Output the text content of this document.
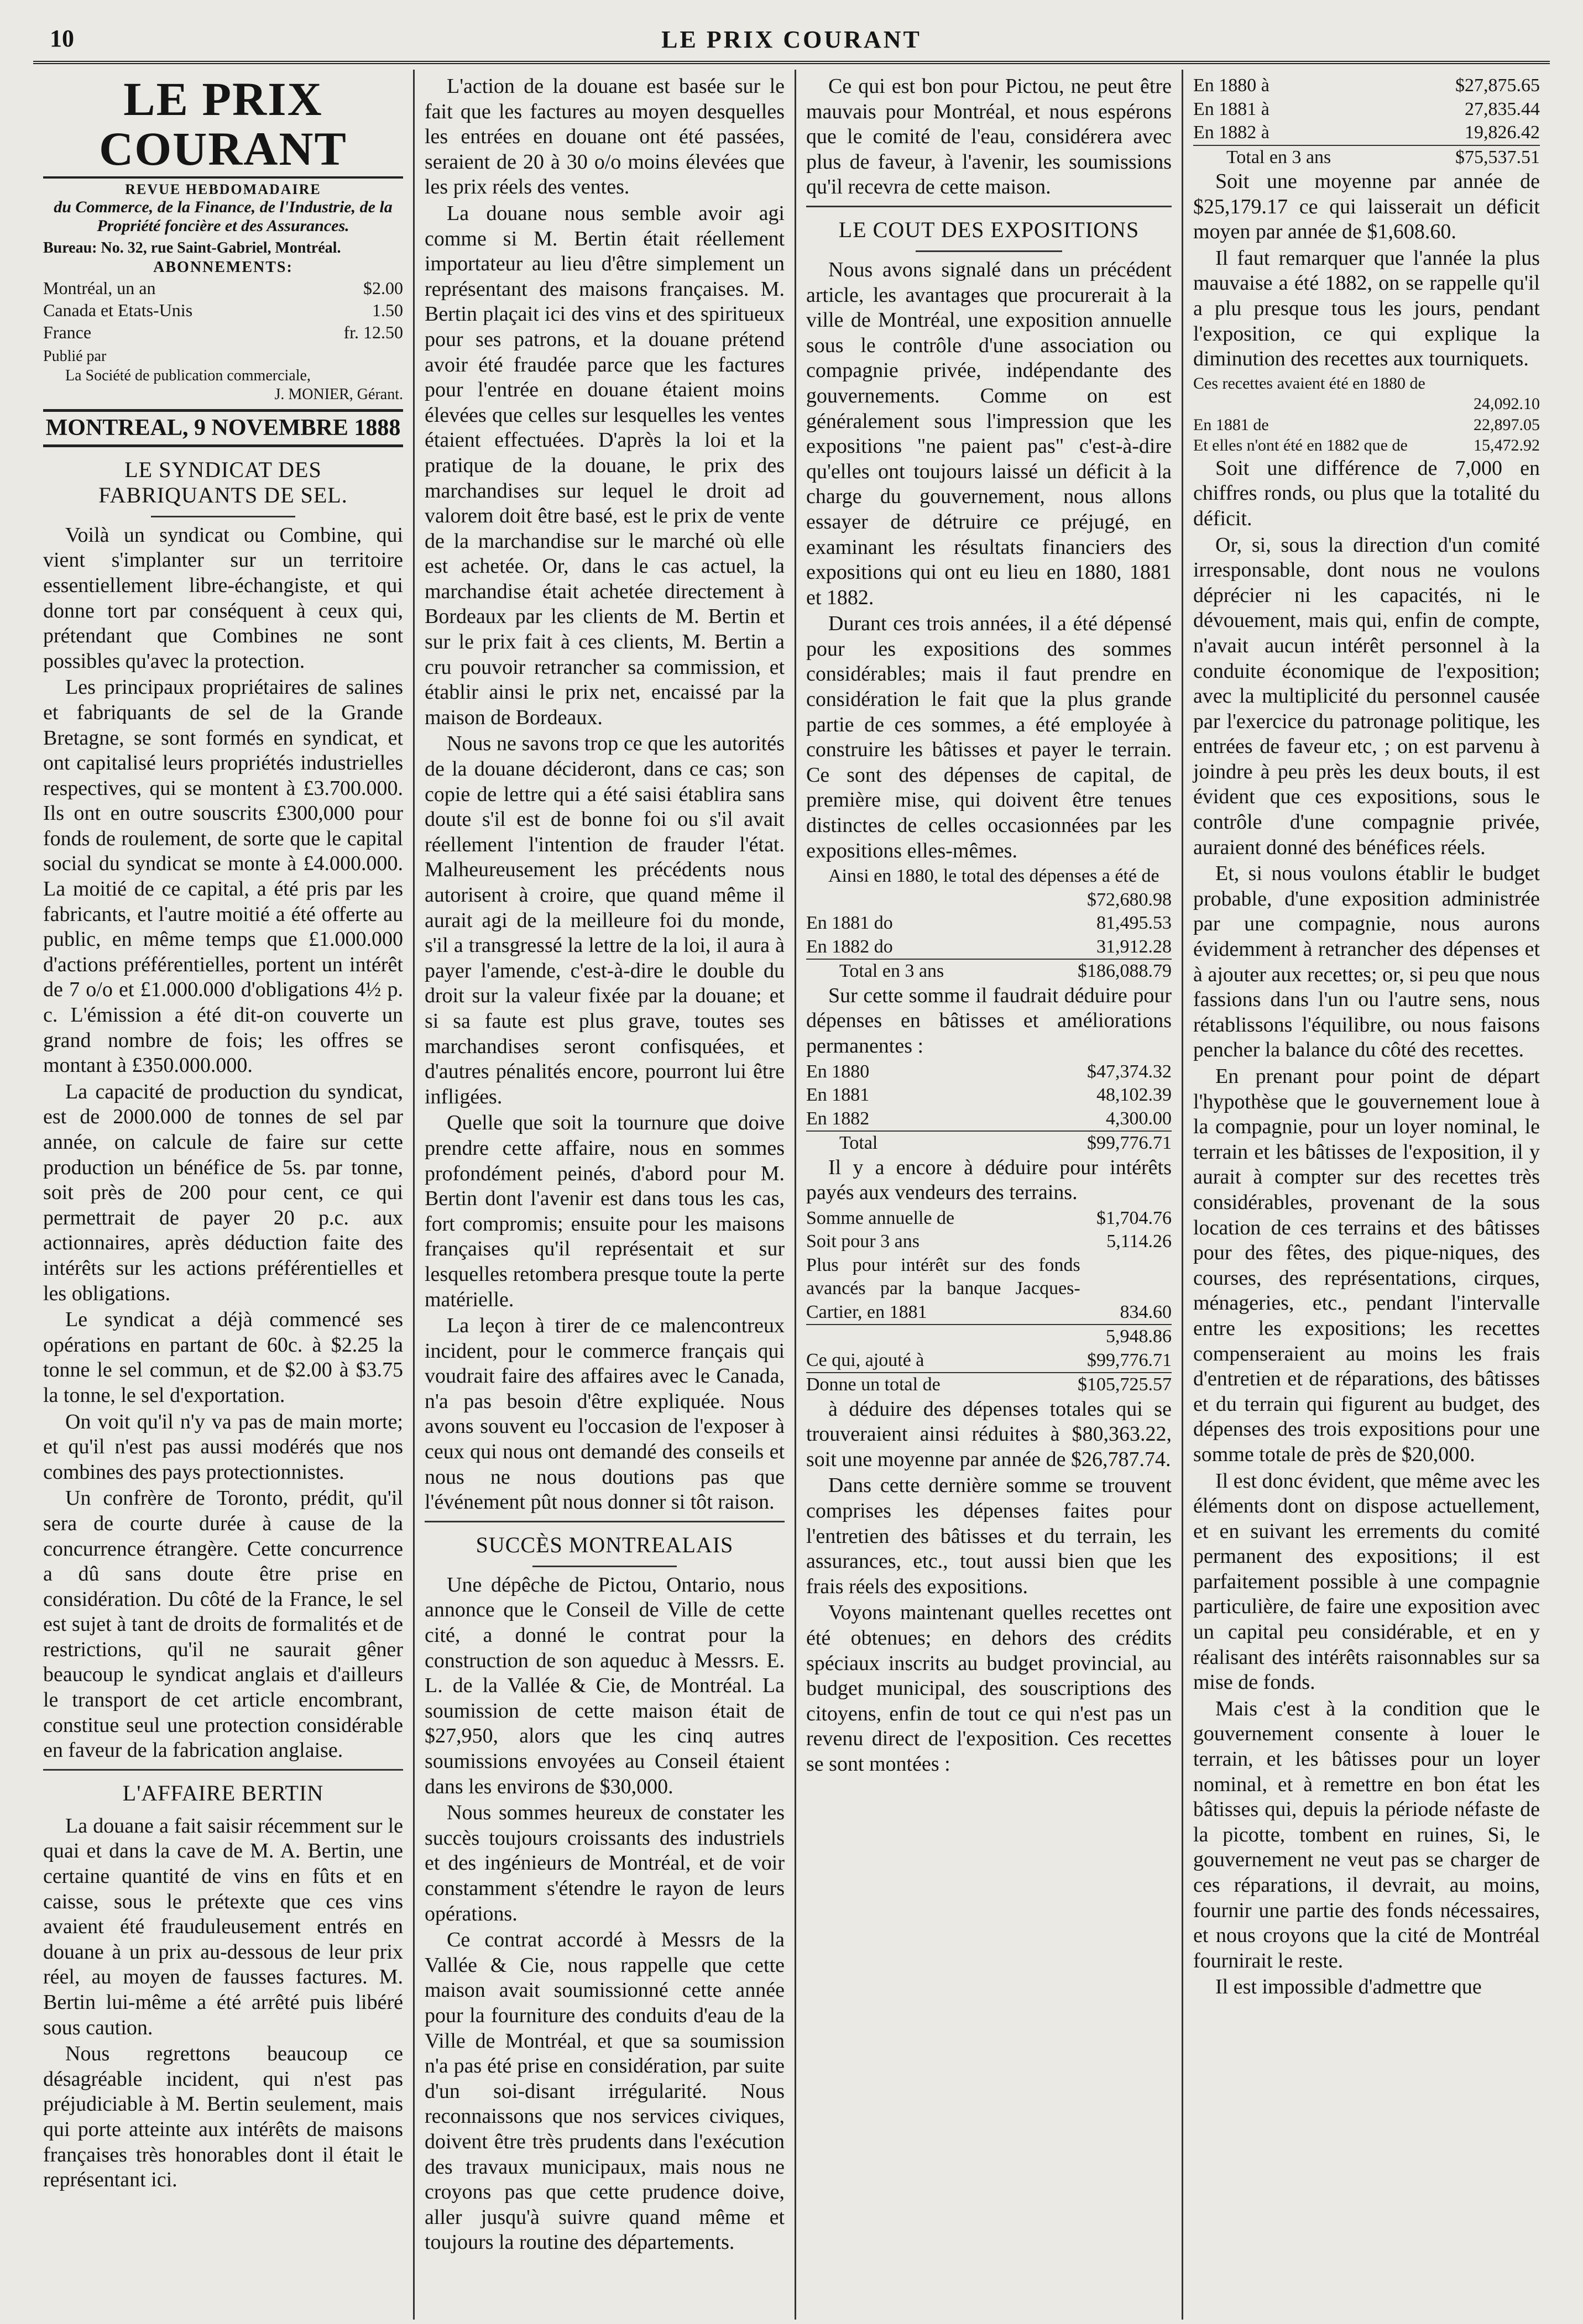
10	LE PRIX COURANT
LE PRIX COURANT
REVUE HEBDOMADAIRE
du Commerce, de la Finance, de l'Industrie, de la Propriété foncière et des Assurances.
Bureau: No. 32, rue Saint-Gabriel, Montréal.
ABONNEMENTS:
Montréal, un an	$2.00
Canada et Etats-Unis	1.50
France	fr. 12.50
Publié par
La Société de publication commerciale,
J. MONIER, Gérant.
MONTREAL, 9 NOVEMBRE 1888
LE SYNDICAT DES FABRIQUANTS DE SEL.

Voilà un syndicat ou Combine, qui vient s'implanter sur un territoire essentiellement libre-échangiste, et qui donne tort par conséquent à ceux qui, prétendant que Combines ne sont possibles qu'avec la protection.

Les principaux propriétaires de salines et fabriquants de sel de la Grande Bretagne, se sont formés en syndicat, et ont capitalisé leurs propriétés industrielles respectives, qui se montent à £3.700.000. Ils ont en outre souscrits £300,000 pour fonds de roulement, de sorte que le capital social du syndicat se monte à £4.000.000. La moitié de ce capital, a été pris par les fabricants, et l'autre moitié a été offerte au public, en même temps que £1.000.000 d'actions préférentielles, portent un intérêt de 7 o/o et £1.000.000 d'obligations 4½ p. c. L'émission a été dit-on couverte un grand nombre de fois; les offres se montant à £350.000.000.

La capacité de production du syndicat, est de 2000.000 de tonnes de sel par année, on calcule de faire sur cette production un bénéfice de 5s. par tonne, soit près de 200 pour cent, ce qui permettrait de payer 20 p.c. aux actionnaires, après déduction faite des intérêts sur les actions préférentielles et les obligations.

Le syndicat a déjà commencé ses opérations en partant de 60c. à $2.25 la tonne le sel commun, et de $2.00 à $3.75 la tonne, le sel d'exportation.

On voit qu'il n'y va pas de main morte; et qu'il n'est pas aussi modérés que nos combines des pays protectionnistes.

Un confrère de Toronto, prédit, qu'il sera de courte durée à cause de la concurrence étrangère. Cette concurrence a dû sans doute être prise en considération. Du côté de la France, le sel est sujet à tant de droits de formalités et de restrictions, qu'il ne saurait gêner beaucoup le syndicat anglais et d'ailleurs le transport de cet article encombrant, constitue seul une protection considérable en faveur de la fabrication anglaise.

L'AFFAIRE BERTIN

La douane a fait saisir récemment sur le quai et dans la cave de M. A. Bertin, une certaine quantité de vins en fûts et en caisse, sous le prétexte que ces vins avaient été frauduleusement entrés en douane à un prix au-dessous de leur prix réel, au moyen de fausses factures. M. Bertin lui-même a été arrêté puis libéré sous caution.

Nous regrettons beaucoup ce désagréable incident, qui n'est pas préjudiciable à M. Bertin seulement, mais qui porte atteinte aux intérêts de maisons françaises très honorables dont il était le représentant ici.

L'action de la douane est basée sur le fait que les factures au moyen desquelles les entrées en douane ont été passées, seraient de 20 à 30 o/o moins élevées que les prix réels des ventes.

La douane nous semble avoir agi comme si M. Bertin était réellement importateur au lieu d'être simplement un représentant des maisons françaises. M. Bertin plaçait ici des vins et des spiritueux pour ses patrons, et la douane prétend avoir été fraudée parce que les factures pour l'entrée en douane étaient moins élevées que celles sur lesquelles les ventes étaient effectuées. D'après la loi et la pratique de la douane, le prix des marchandises sur lequel le droit ad valorem doit être basé, est le prix de vente de la marchandise sur le marché où elle est achetée. Or, dans le cas actuel, la marchandise était achetée directement à Bordeaux par les clients de M. Bertin et sur le prix fait à ces clients, M. Bertin a cru pouvoir retrancher sa commission, et établir ainsi le prix net, encaissé par la maison de Bordeaux.

Nous ne savons trop ce que les autorités de la douane décideront, dans ce cas; son copie de lettre qui a été saisi établira sans doute s'il est de bonne foi ou s'il avait réellement l'intention de frauder l'état. Malheureusement les précédents nous autorisent à croire, que quand même il aurait agi de la meilleure foi du monde, s'il a transgressé la lettre de la loi, il aura à payer l'amende, c'est-à-dire le double du droit sur la valeur fixée par la douane; et si sa faute est plus grave, toutes ses marchandises seront confisquées, et d'autres pénalités encore, pourront lui être infligées.

Quelle que soit la tournure que doive prendre cette affaire, nous en sommes profondément peinés, d'abord pour M. Bertin dont l'avenir est dans tous les cas, fort compromis; ensuite pour les maisons françaises qu'il représentait et sur lesquelles retombera presque toute la perte matérielle.

La leçon à tirer de ce malencontreux incident, pour le commerce français qui voudrait faire des affaires avec le Canada, n'a pas besoin d'être expliquée. Nous avons souvent eu l'occasion de l'exposer à ceux qui nous ont demandé des conseils et nous ne nous doutions pas que l'événement pût nous donner si tôt raison.

SUCCÈS MONTREALAIS

Une dépêche de Pictou, Ontario, nous annonce que le Conseil de Ville de cette cité, a donné le contrat pour la construction de son aqueduc à Messrs. E. L. de la Vallée & Cie, de Montréal. La soumission de cette maison était de $27,950, alors que les cinq autres soumissions envoyées au Conseil étaient dans les environs de $30,000.

Nous sommes heureux de constater les succès toujours croissants des industriels et des ingénieurs de Montréal, et de voir constamment s'étendre le rayon de leurs opérations.

Ce contrat accordé à Messrs de la Vallée & Cie, nous rappelle que cette maison avait soumissionné cette année pour la fourniture des conduits d'eau de la Ville de Montréal, et que sa soumission n'a pas été prise en considération, par suite d'un soi-disant irrégularité. Nous reconnaissons que nos services civiques, doivent être très prudents dans l'exécution des travaux municipaux, mais nous ne croyons pas que cette prudence doive, aller jusqu'à suivre quand même et toujours la routine des départements.

Ce qui est bon pour Pictou, ne peut être mauvais pour Montréal, et nous espérons que le comité de l'eau, considérera avec plus de faveur, à l'avenir, les soumissions qu'il recevra de cette maison.

LE COUT DES EXPOSITIONS

Nous avons signalé dans un précédent article, les avantages que procurerait à la ville de Montréal, une exposition annuelle sous le contrôle d'une association ou compagnie privée, indépendante des gouvernements. Comme on est généralement sous l'impression que les expositions "ne paient pas" c'est-à-dire qu'elles ont toujours laissé un déficit à la charge du gouvernement, nous allons essayer de détruire ce préjugé, en examinant les résultats financiers des expositions qui ont eu lieu en 1880, 1881 et 1882.

Durant ces trois années, il a été dépensé pour les expositions des sommes considérables; mais il faut prendre en considération le fait que la plus grande partie de ces sommes, a été employée à construire les bâtisses et payer le terrain. Ce sont des dépenses de capital, de première mise, qui doivent être tenues distinctes de celles occasionnées par les expositions elles-mêmes.

Ainsi en 1880, le total des dépenses a été de
$72,680.98
En 1881 do	81,495.53
En 1882 do	31,912.28
Total en 3 ans	$186,088.79

Sur cette somme il faudrait déduire pour dépenses en bâtisses et améliorations permanentes :

En 1880	$47,374.32
En 1881	48,102.39
En 1882	4,300.00
Total	$99,776.71

Il y a encore à déduire pour intérêts payés aux vendeurs des terrains.

Somme annuelle de	$1,704.76
Soit pour 3 ans	5,114.26
Plus pour intérêt sur des fonds avancés par la banque Jacques-Cartier, en 1881	834.60
5,948.86
Ce qui, ajouté à	$99,776.71
Donne un total de	$105,725.57

à déduire des dépenses totales qui se trouveraient ainsi réduites à $80,363.22, soit une moyenne par année de $26,787.74.

Dans cette dernière somme se trouvent comprises les dépenses faites pour l'entretien des bâtisses et du terrain, les assurances, etc., tout aussi bien que les frais réels des expositions.

Voyons maintenant quelles recettes ont été obtenues; en dehors des crédits spéciaux inscrits au budget provincial, au budget municipal, des souscriptions des citoyens, enfin de tout ce qui n'est pas un revenu direct de l'exposition. Ces recettes se sont montées :

En 1880 à	$27,875.65
En 1881 à	27,835.44
En 1882 à	19,826.42
Total en 3 ans	$75,537.51

Soit une moyenne par année de $25,179.17 ce qui laisserait un déficit moyen par année de $1,608.60.

Il faut remarquer que l'année la plus mauvaise a été 1882, on se rappelle qu'il a plu presque tous les jours, pendant l'exposition, ce qui explique la diminution des recettes aux tourniquets.

Ces recettes avaient été en 1880 de
24,092.10
En 1881 de	22,897.05
Et elles n'ont été en 1882 que de	15,472.92

Soit une différence de 7,000 en chiffres ronds, ou plus que la totalité du déficit.

Or, si, sous la direction d'un comité irresponsable, dont nous ne voulons déprécier ni les capacités, ni le dévouement, mais qui, enfin de compte, n'avait aucun intérêt personnel à la conduite économique de l'exposition; avec la multiplicité du personnel causée par l'exercice du patronage politique, les entrées de faveur etc, ; on est parvenu à joindre à peu près les deux bouts, il est évident que ces expositions, sous le contrôle d'une compagnie privée, auraient donné des bénéfices réels.

Et, si nous voulons établir le budget probable, d'une exposition administrée par une compagnie, nous aurons évidemment à retrancher des dépenses et à ajouter aux recettes; or, si peu que nous fassions dans l'un ou l'autre sens, nous rétablissons l'équilibre, ou nous faisons pencher la balance du côté des recettes.

En prenant pour point de départ l'hypothèse que le gouvernement loue à la compagnie, pour un loyer nominal, le terrain et les bâtisses de l'exposition, il y aurait à compter sur des recettes très considérables, provenant de la sous location de ces terrains et des bâtisses pour des fêtes, des pique-niques, des courses, des représentations, cirques, ménageries, etc., pendant l'intervalle entre les expositions; les recettes compenseraient au moins les frais d'entretien et de réparations, des bâtisses et du terrain qui figurent au budget, des dépenses des trois expositions pour une somme totale de près de $20,000.

Il est donc évident, que même avec les éléments dont on dispose actuellement, et en suivant les errements du comité permanent des expositions; il est parfaitement possible à une compagnie particulière, de faire une exposition avec un capital peu considérable, et en y réalisant des intérêts raisonnables sur sa mise de fonds.

Mais c'est à la condition que le gouvernement consente à louer le terrain, et les bâtisses pour un loyer nominal, et à remettre en bon état les bâtisses qui, depuis la période néfaste de la picotte, tombent en ruines, Si, le gouvernement ne veut pas se charger de ces réparations, il devrait, au moins, fournir une partie des fonds nécessaires, et nous croyons que la cité de Montréal fournirait le reste.

Il est impossible d'admettre que
